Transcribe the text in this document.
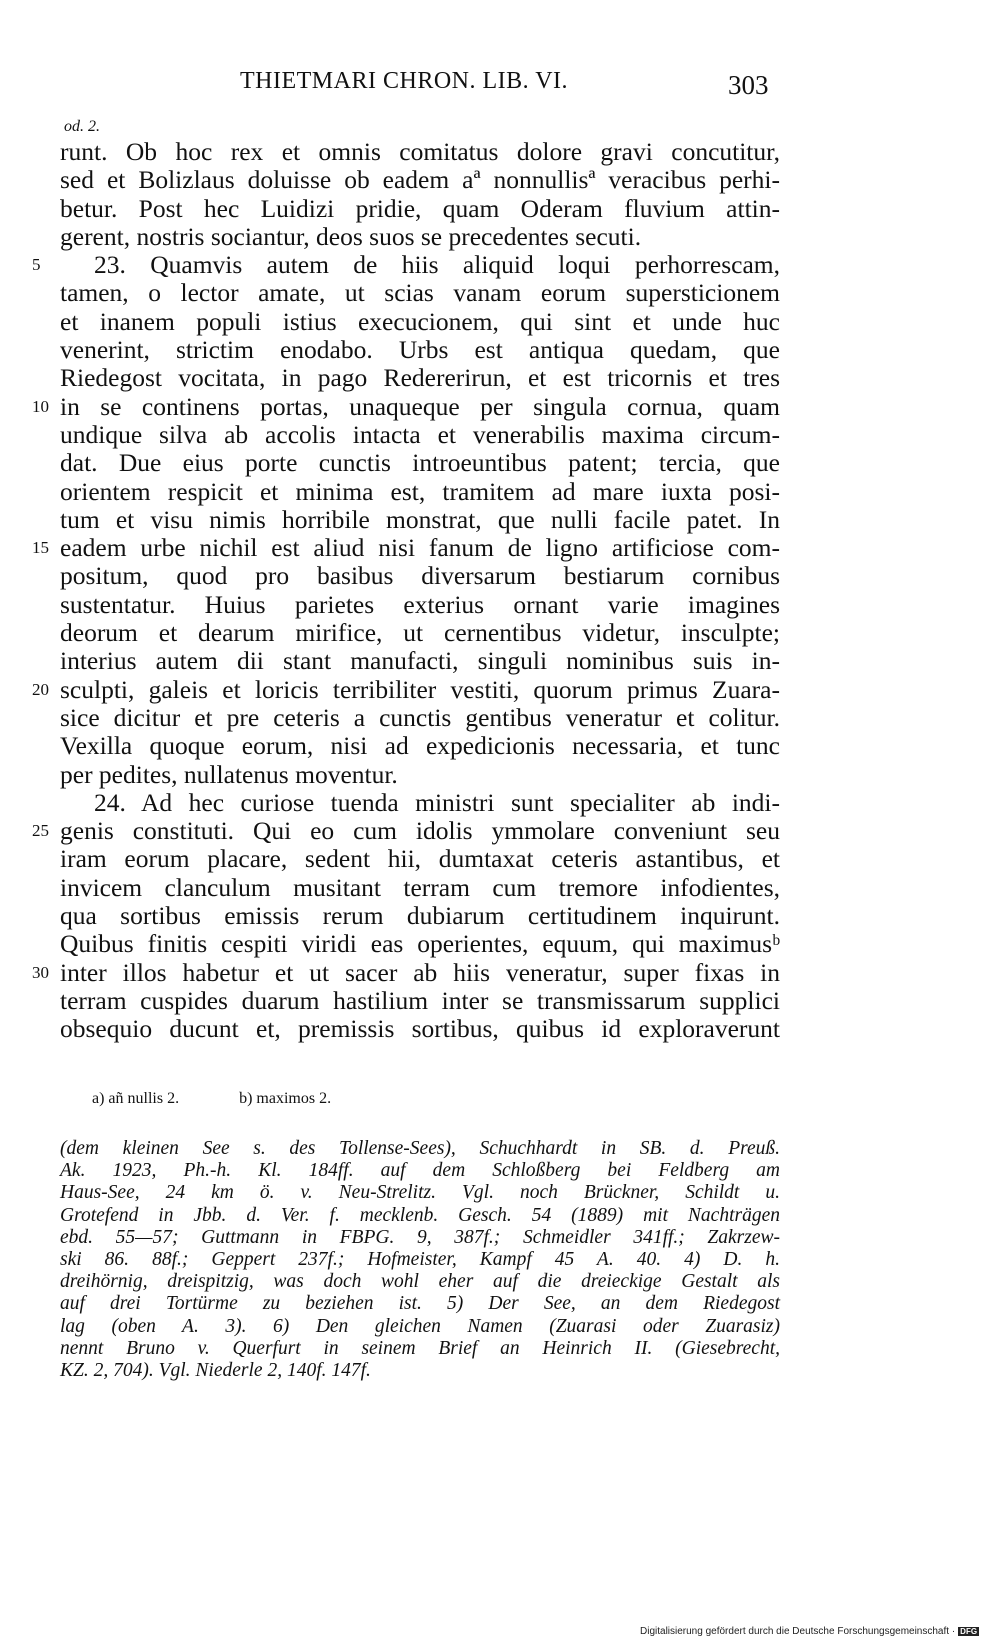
THIETMARI CHRON. LIB. VI.	303
od. 2.
runt. Ob hoc rex et omnis comitatus dolore gravi concutitur,
sed et Bolizlaus doluisse ob eadem aª nonnullisª veracibus perhi-
betur. Post hec Luidizi pridie, quam Oderam fluvium attin-
gerent, nostris sociantur, deos suos se precedentes secuti.
5	23. Quamvis autem de hiis aliquid loqui perhorrescam,
tamen, o lector amate, ut scias vanam eorum supersticionem
et inanem populi istius execucionem, qui sint et unde huc
venerint, strictim enodabo. Urbs est antiqua quedam, que
Riedegost vocitata, in pago Redererirun, et est tricornis et tres
10 in se continens portas, unaqueque per singula cornua, quam
undique silva ab accolis intacta et venerabilis maxima circum-
dat. Due eius porte cunctis introeuntibus patent; tercia, que
orientem respicit et minima est, tramitem ad mare iuxta posi-
tum et visu nimis horribile monstrat, que nulli facile patet. In
15 eadem urbe nichil est aliud nisi fanum de ligno artificiose com-
positum, quod pro basibus diversarum bestiarum cornibus
sustentatur. Huius parietes exterius ornant varie imagines
deorum et dearum mirifice, ut cernentibus videtur, insculpte;
interius autem dii stant manufacti, singuli nominibus suis in-
20 sculpti, galeis et loricis terribiliter vestiti, quorum primus Zuara-
sice dicitur et pre ceteris a cunctis gentibus veneratur et colitur.
Vexilla quoque eorum, nisi ad expedicionis necessaria, et tunc
per pedites, nullatenus moventur.
24. Ad hec curiose tuenda ministri sunt specialiter ab indi-
25 genis constituti. Qui eo cum idolis ymmolare conveniunt seu
iram eorum placare, sedent hii, dumtaxat ceteris astantibus, et
invicem clanculum musitant terram cum tremore infodientes,
qua sortibus emissis rerum dubiarum certitudinem inquirunt.
Quibus finitis cespiti viridi eas operientes, equum, qui maximusᵇ
30 inter illos habetur et ut sacer ab hiis veneratur, super fixas in
terram cuspides duarum hastilium inter se transmissarum supplici
obsequio ducunt et, premissis sortibus, quibus id exploraverunt
a) añ nullis 2.	b) maximos 2.
(dem kleinen See s. des Tollense-Sees), Schuchhardt in SB. d. Preuß.
Ak. 1923, Ph.-h. Kl. 184ff. auf dem Schloßberg bei Feldberg am
Haus-See, 24 km ö. v. Neu-Strelitz. Vgl. noch Brückner, Schildt u.
Grotefend in Jbb. d. Ver. f. mecklenb. Gesch. 54 (1889) mit Nachträgen
ebd. 55—57; Guttmann in FBPG. 9, 387f.; Schmeidler 341ff.; Zakrzew-
ski 86. 88f.; Geppert 237f.; Hofmeister, Kampf 45 A. 40. 4) D. h.
dreihörnig, dreispitzig, was doch wohl eher auf die dreieckige Gestalt als
auf drei Tortürme zu beziehen ist. 5) Der See, an dem Riedegost
lag (oben A. 3). 6) Den gleichen Namen (Zuarasi oder Zuarasiz)
nennt Bruno v. Querfurt in seinem Brief an Heinrich II. (Giesebrecht,
KZ. 2, 704). Vgl. Niederle 2, 140f. 147f.
Digitalisierung gefördert durch die Deutsche Forschungsgemeinschaft · DFG
